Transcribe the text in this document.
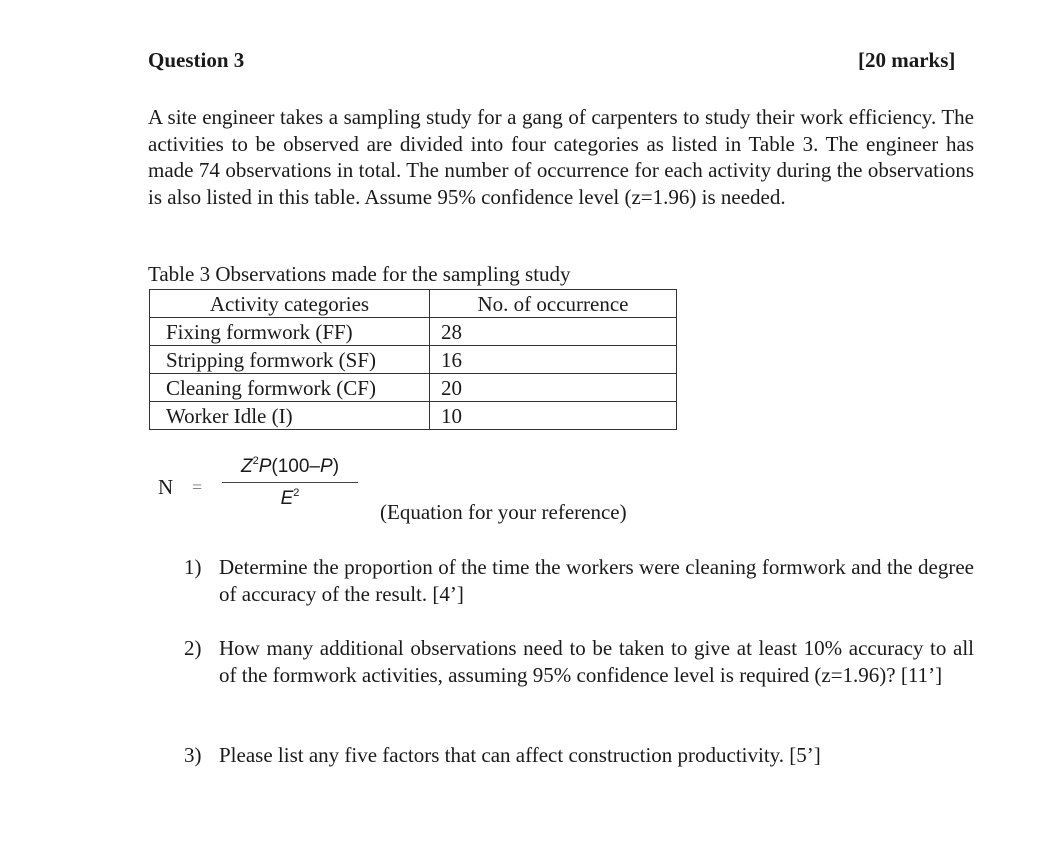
Question 3	[20 marks]

A site engineer takes a sampling study for a gang of carpenters to study their work efficiency. The activities to be observed are divided into four categories as listed in Table 3. The engineer has made 74 observations in total. The number of occurrence for each activity during the observations is also listed in this table. Assume 95% confidence level (z=1.96) is needed.

Table 3 Observations made for the sampling study
Activity categories	No. of occurrence
Fixing formwork (FF)	28
Stripping formwork (SF)	16
Cleaning formwork (CF)	20
Worker Idle (I)	10
N =
$Z^2P(100-P)$
$E^2$
(Equation for your reference)
1) Determine the proportion of the time the workers were cleaning formwork and the degree of accuracy of the result. [4’]
2) How many additional observations need to be taken to give at least 10% accuracy to all of the formwork activities, assuming 95% confidence level is required (z=1.96)? [11’]
3) Please list any five factors that can affect construction productivity. [5’]
